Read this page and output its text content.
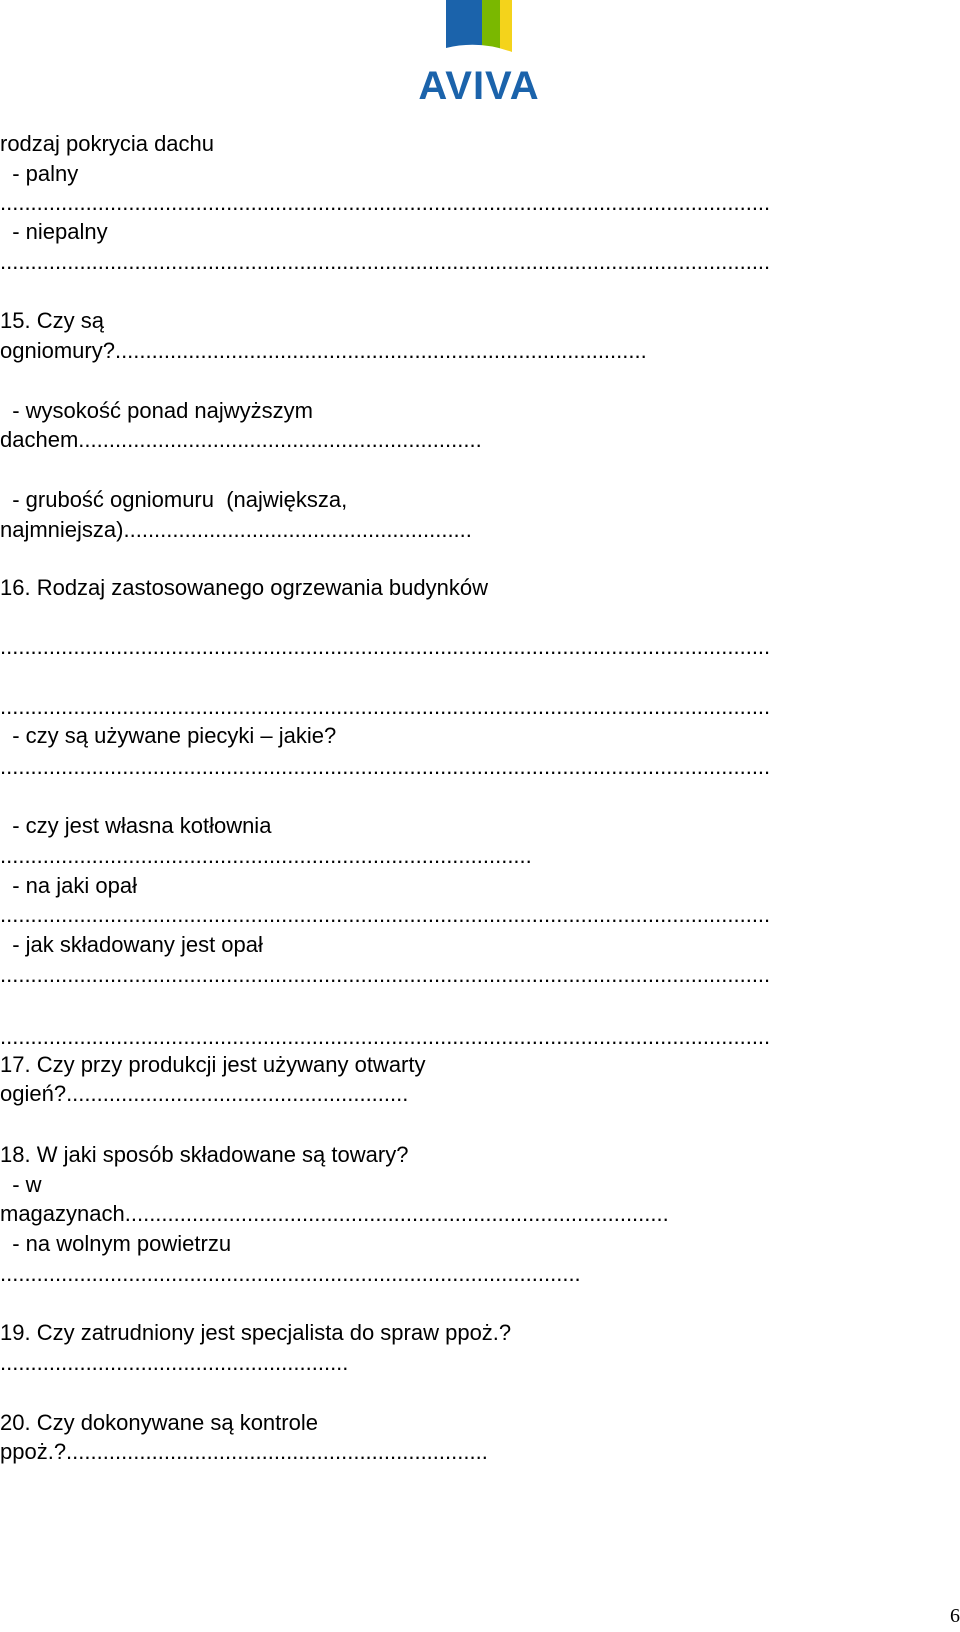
AVIVA
rodzaj pokrycia dachu
- palny
..............................................................................................................................
- niepalny
..............................................................................................................................
15. Czy są
ogniomury?.......................................................................................
- wysokość ponad najwyższym
dachem..................................................................
- grubość ogniomuru  (największa,
najmniejsza).........................................................
16. Rodzaj zastosowanego ogrzewania budynków
..............................................................................................................................
..............................................................................................................................
- czy są używane piecyki – jakie?
..............................................................................................................................
- czy jest własna kotłownia
.......................................................................................
- na jaki opał
..............................................................................................................................
- jak składowany jest opał
..............................................................................................................................
..............................................................................................................................
17. Czy przy produkcji jest używany otwarty
ogień?........................................................
18. W jaki sposób składowane są towary?
- w
magazynach.........................................................................................
- na wolnym powietrzu
...............................................................................................
19. Czy zatrudniony jest specjalista do spraw ppoż.?
.........................................................
20. Czy dokonywane są kontrole
ppoż.?.....................................................................
6
